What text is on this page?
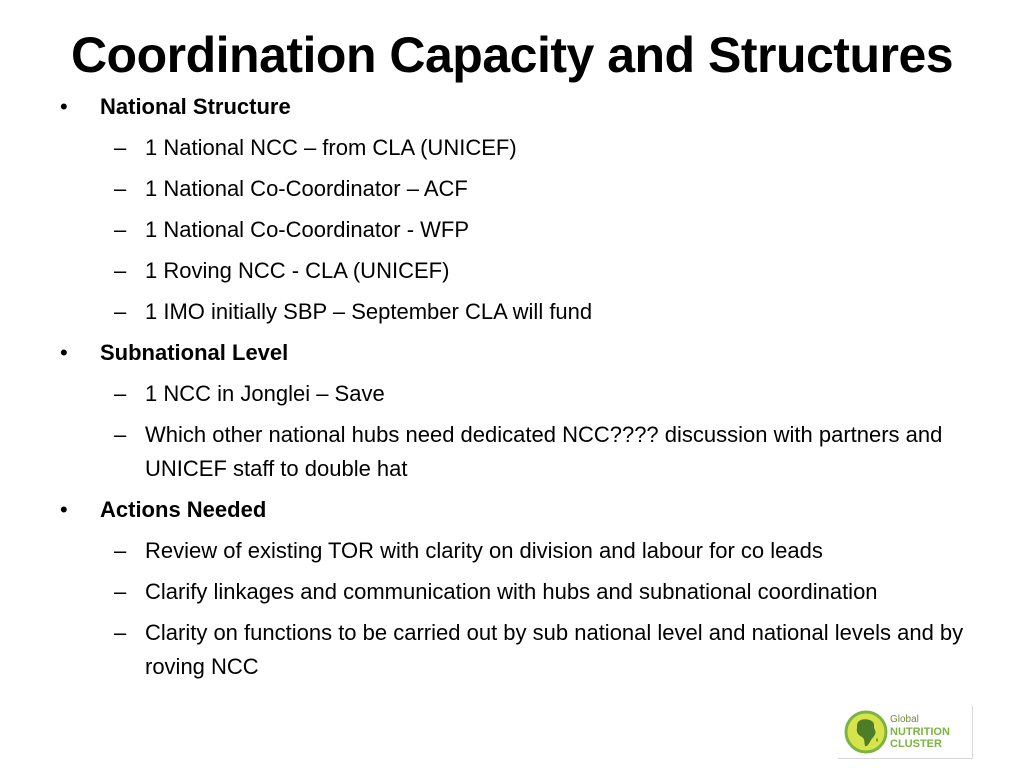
Coordination Capacity and Structures
• National Structure
– 1 National NCC – from CLA (UNICEF)
– 1 National Co-Coordinator – ACF
– 1 National Co-Coordinator - WFP
– 1 Roving NCC - CLA (UNICEF)
– 1 IMO initially SBP – September CLA will fund
• Subnational Level
– 1 NCC in Jonglei – Save
– Which other national hubs need dedicated NCC???? discussion with partners and UNICEF staff to double hat
• Actions Needed
– Review of existing TOR with clarity on division and labour for co leads
– Clarify linkages and communication with hubs and subnational coordination
– Clarity on functions to be carried out by sub national level and national levels and by roving NCC
Global
NUTRITION
CLUSTER
